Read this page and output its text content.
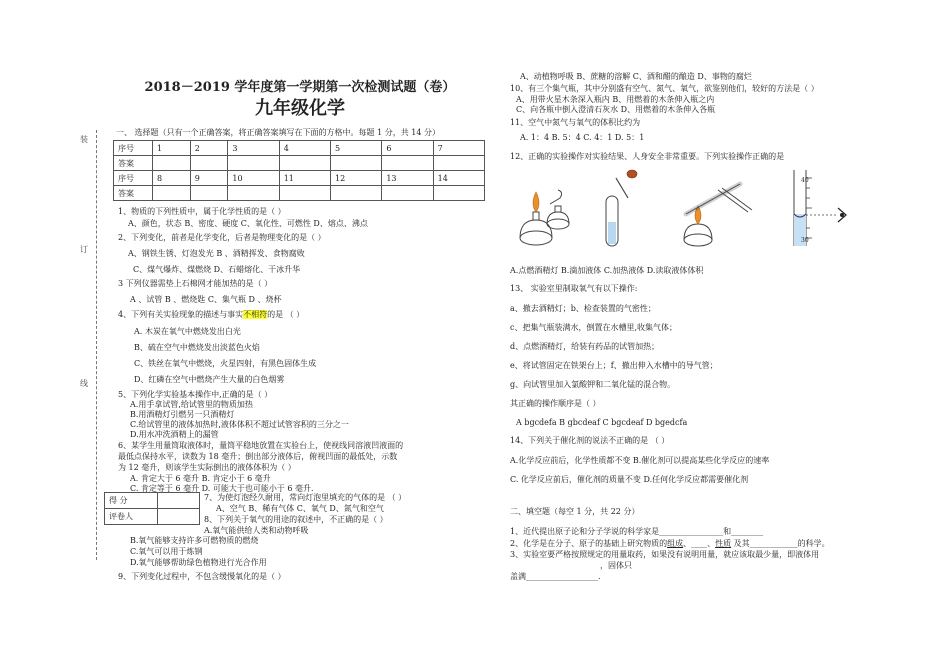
2018－2019 学年度第一学期第一次检测试题（卷）
九年级化学
装
订
线
一、 选择题（只有一个正确答案，将正确答案填写在下面的方格中。每题 1 分，共 14 分）
序号	1	2	3	4	5	6	7
答案							
序号	8	9	10	11	12	13	14
答案							
1、物质的下列性质中，属于化学性质的是（ ）
A、颜色，状态 B、密度、硬度 C、氧化性、可燃性 D、熔点、沸点
2、下列变化，前者是化学变化，后者是物理变化的是（ ）
A、钢铁生锈、灯泡发光 B 、酒精挥发、食物腐败
C、煤气爆炸、煤燃烧 D、石蜡熔化、干冰升华
3 下列仪器需垫上石棉网才能加热的是（ ）
A 、试管 B 、燃烧匙 C、集气瓶 D 、烧杯
4、下列有关实验现象的描述与事实不相符的是 （ ）
A. 木炭在氧气中燃烧发出白光
B、硫在空气中燃烧发出淡蓝色火焰
C、铁丝在氧气中燃烧，火星四射，有黑色固体生成
D、红磷在空气中燃烧产生大量的白色烟雾
5、下列化学实验基本操作中,正确的是（ ）
A.用手拿试管,给试管里的物质加热
B.用酒精灯引燃另一只酒精灯
C.给试管里的液体加热时,液体体积不超过试管容积的三分之一
D.用水冲洗酒精上的漏管
6、某学生用量筒取液体时，量筒平稳地放置在实验台上，使视线同溶液凹液面的
最低点保持水平，读数为 18 毫升；倒出部分液体后，俯视凹面的最低处，示数
为 12 毫升，则该学生实际倒出的液体体积为（ ）
A. 肯定大于 6 毫升 B. 肯定小于 6 毫升
C. 肯定等于 6 毫升 D. 可能大于也可能小于 6 毫升.
得 分	
评卷人	
7、为使灯泡经久耐用，常向灯泡里填充的气体的是 （ ）
A、空气 B、稀有气体 C、氧气 D、氮气和空气
8、下列关于氧气的用途的叙述中，不正确的是（ ）
A.氧气能供给人类和动物呼吸
B.氧气能够支持许多可燃物质的燃烧
C.氧气可以用于炼钢
D.氧气能够帮助绿色植物进行光合作用
9、下列变化过程中，不包含缓慢氧化的是（ ）
A、动植物呼吸 B、蔗糖的溶解 C、酒和醋的酿造 D、事物的腐烂
10、有三个集气瓶，其中分别盛有空气、氮气、氧气，欲鉴别他们，较好的方法是（ ）
A、用带火星木条深入瓶内 B、用燃着的木条伸入瓶之内
C、向各瓶中倒入澄清石灰水 D、用燃着的木条伸入各瓶
11、空气中氮气与氧气的体积比约为
A. 1：4 B. 5：4 C. 4：1 D. 5：1
12、正确的实验操作对实验结果、人身安全非常重要。下列实验操作正确的是
40
30
A.点燃酒精灯 B.滴加液体 C.加热液体 D.读取液体体积
13、 实验室里制取氧气有以下操作:
a、撤去酒精灯；b、检查装置的气密性；
c、把集气瓶装满水，倒置在水槽里,收集气体；
d、点燃酒精灯，给装有药品的试管加热；
e、将试管固定在铁架台上；f、撤出伸入水槽中的导气管；
g、向试管里加入氯酸钾和二氧化锰的混合物。
其正确的操作顺序是（ ）
A bgcdefa B gbcdeaf C bgcdeaf D bgedcfa
14、下列关于催化剂的说法不正确的是 （ ）
A.化学反应前后，化学性质都不变 B.催化剂可以提高某些化学反应的速率
C. 化学反应前后，催化剂的质量不变 D.任何化学反应都需要催化剂
二、填空题（每空 1 分，共 22 分）
1、近代提出原子论和分子学说的科学家是________________和________
2、化学是在分子、原子的基础上研究物质的组成、____、性质 及其____________的科学。
3、实验室要严格按照规定的用量取药，如果没有说明用量，就应该取最少量，即液体用
，固体只
盖满__________________.
